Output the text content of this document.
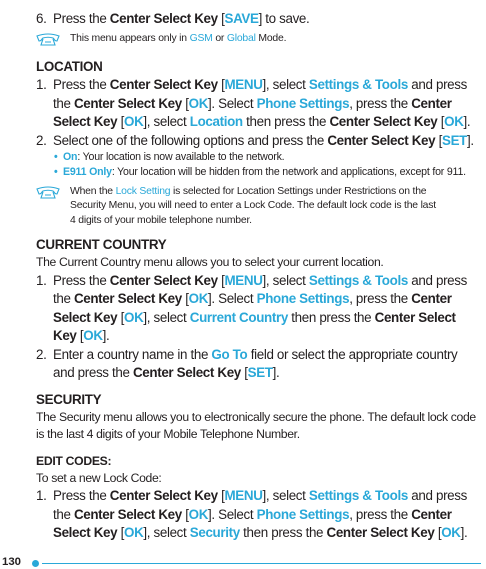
6. Press the Center Select Key [SAVE] to save.
This menu appears only in GSM or Global Mode.
LOCATION
1. Press the Center Select Key [MENU], select Settings & Tools and press the Center Select Key [OK]. Select Phone Settings, press the Center Select Key [OK], select Location then press the Center Select Key [OK].
2. Select one of the following options and press the Center Select Key [SET].
• On: Your location is now available to the network.
• E911 Only: Your location will be hidden from the network and applications, except for 911.
When the Lock Setting is selected for Location Settings under Restrictions on the Security Menu, you will need to enter a Lock Code. The default lock code is the last 4 digits of your mobile telephone number.
CURRENT COUNTRY
The Current Country menu allows you to select your current location.
1. Press the Center Select Key [MENU], select Settings & Tools and press the Center Select Key [OK]. Select Phone Settings, press the Center Select Key [OK], select Current Country then press the Center Select Key [OK].
2. Enter a country name in the Go To field or select the appropriate country and press the Center Select Key [SET].
SECURITY
The Security menu allows you to electronically secure the phone. The default lock code is the last 4 digits of your Mobile Telephone Number.
EDIT CODES:
To set a new Lock Code:
1. Press the Center Select Key [MENU], select Settings & Tools and press the Center Select Key [OK]. Select Phone Settings, press the Center Select Key [OK], select Security then press the Center Select Key [OK].
130
